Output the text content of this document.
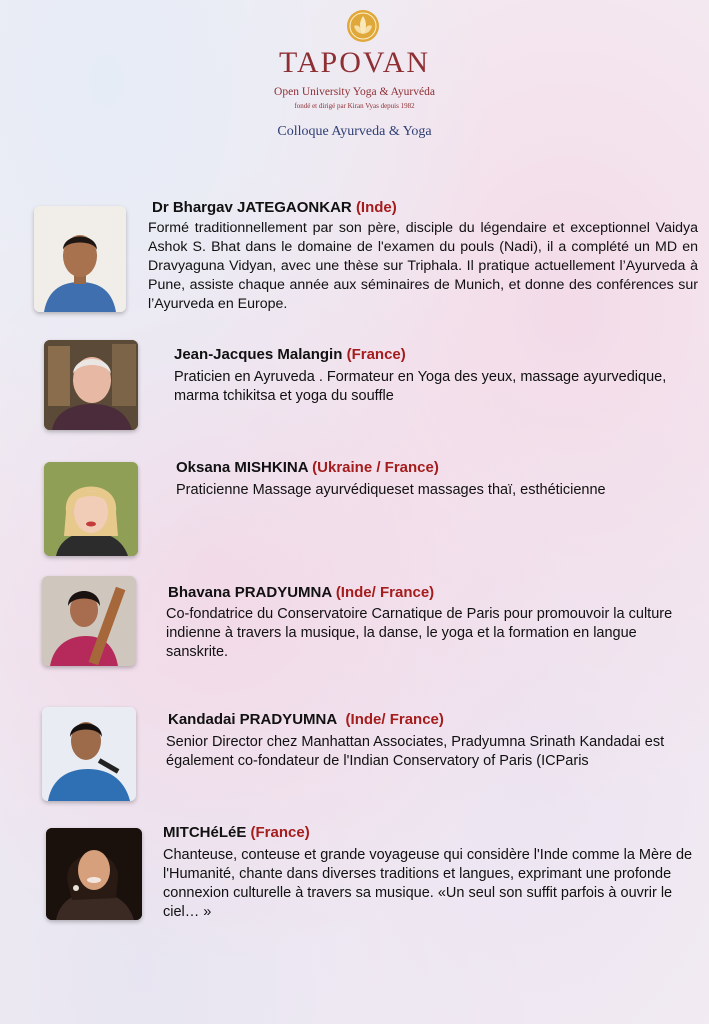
TAPOVAN
Open University Yoga & Ayurvéda
fondé et dirigé par Kiran Vyas depuis 1982
Colloque Ayurveda & Yoga
Dr Bhargav JATEGAONKAR (Inde)
Formé traditionnellement par son père, disciple du légendaire et exceptionnel Vaidya Ashok S. Bhat dans le domaine de l'examen du pouls (Nadi), il a complété un MD en Dravyaguna Vidyan, avec une thèse sur Triphala. Il pratique actuellement l’Ayurveda à Pune, assiste chaque année aux séminaires de Munich, et donne des conférences sur l’Ayurveda en Europe.
Jean-Jacques Malangin (France)
Praticien en Ayruveda . Formateur en Yoga des yeux, massage ayurvedique, marma tchikitsa et yoga du souffle
Oksana MISHKINA (Ukraine / France)
Praticienne Massage ayurvédiqueset massages thaï, esthéticienne
Bhavana PRADYUMNA (Inde/ France)
Co-fondatrice du Conservatoire Carnatique de Paris pour promouvoir la culture indienne à travers la musique, la danse, le yoga et la formation en langue sanskrite.
Kandadai PRADYUMNA (Inde/ France)
Senior Director chez Manhattan Associates, Pradyumna Srinath Kandadai est également co-fondateur de l'Indian Conservatory of Paris (ICParis
MITCHéLéE (France)
Chanteuse, conteuse et grande voyageuse qui considère l'Inde comme la Mère de l'Humanité, chante dans diverses traditions et langues, exprimant une profonde connexion culturelle à travers sa musique. «Un seul son suffit parfois à ouvrir le ciel… »
